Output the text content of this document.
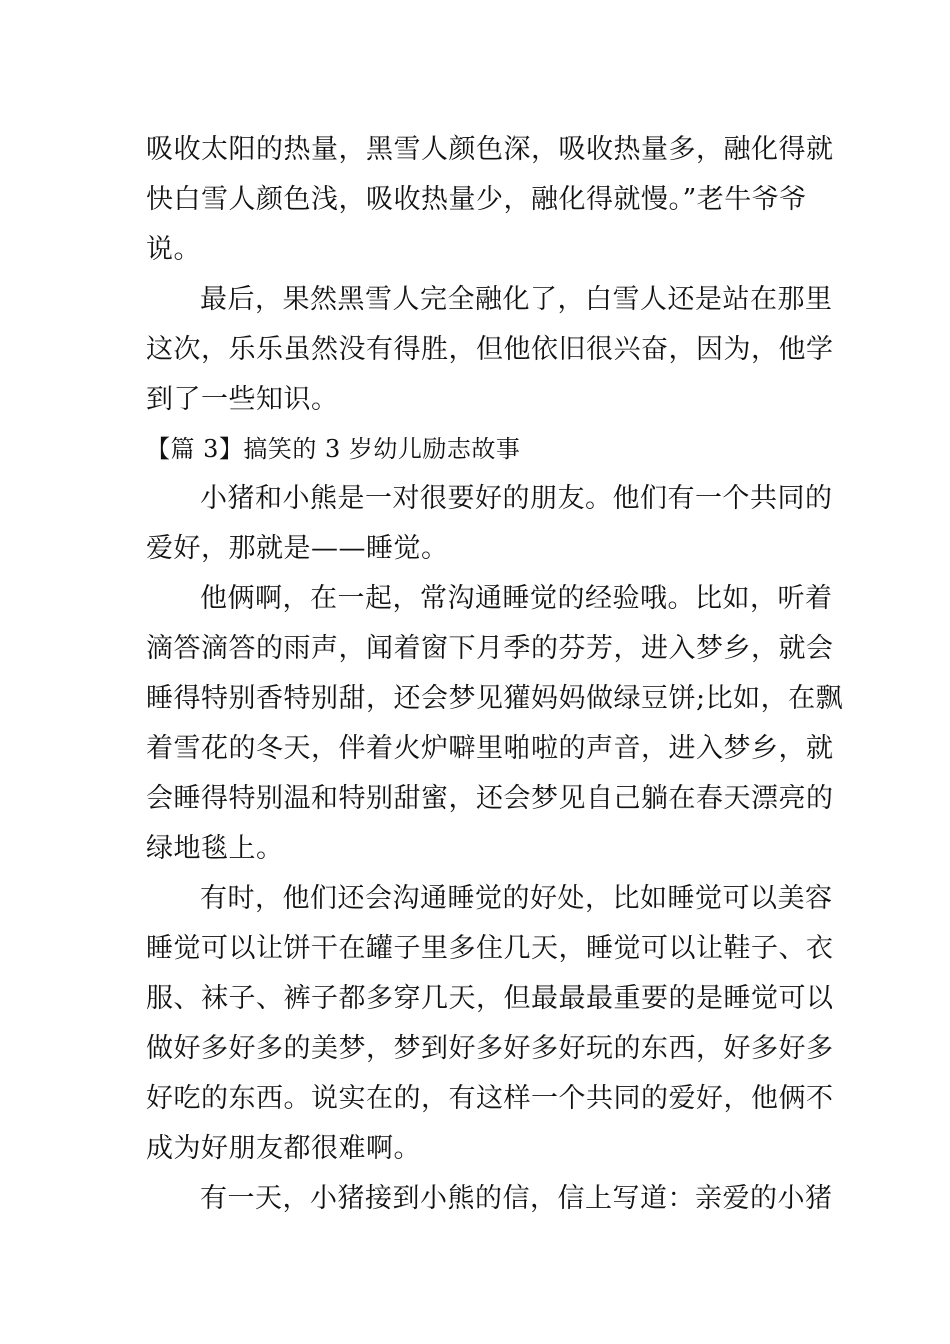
吸收太阳的热量，黑雪人颜色深，吸收热量多，融化得就
快白雪人颜色浅，吸收热量少，融化得就慢。”老牛爷爷
说。
最后，果然黑雪人完全融化了，白雪人还是站在那里
这次，乐乐虽然没有得胜，但他依旧很兴奋，因为，他学
到了一些知识。
【篇 3】搞笑的 3 岁幼儿励志故事
小猪和小熊是一对很要好的朋友。他们有一个共同的
爱好，那就是——睡觉。
他俩啊，在一起，常沟通睡觉的经验哦。比如，听着
滴答滴答的雨声，闻着窗下月季的芬芳，进入梦乡，就会
睡得特别香特别甜，还会梦见獾妈妈做绿豆饼;比如，在飘
着雪花的冬天，伴着火炉噼里啪啦的声音，进入梦乡，就
会睡得特别温和特别甜蜜，还会梦见自己躺在春天漂亮的
绿地毯上。
有时，他们还会沟通睡觉的好处，比如睡觉可以美容
睡觉可以让饼干在罐子里多住几天，睡觉可以让鞋子、衣
服、袜子、裤子都多穿几天，但最最最重要的是睡觉可以
做好多好多的美梦，梦到好多好多好玩的东西，好多好多
好吃的东西。说实在的，有这样一个共同的爱好，他俩不
成为好朋友都很难啊。
有一天，小猪接到小熊的信，信上写道：亲爱的小猪
